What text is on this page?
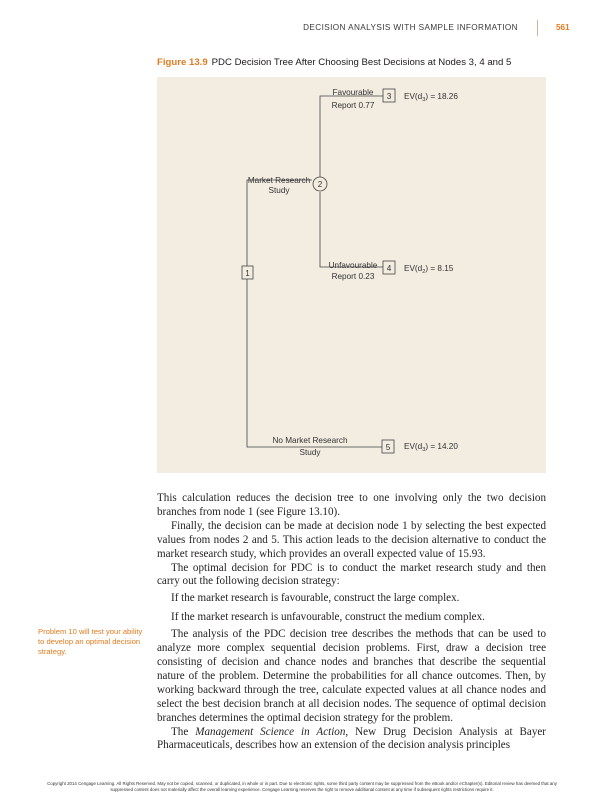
DECISION ANALYSIS WITH SAMPLE INFORMATION	561
Figure 13.9 PDC Decision Tree After Choosing Best Decisions at Nodes 3, 4 and 5
1
2
3
4
5
Market Research
Study
Favourable
Report 0.77
Unfavourable
Report 0.23
No Market Research
Study
$EV(d_3) = 18.26$
$EV(d_2) = 8.15$
$EV(d_3) = 14.20$

This calculation reduces the decision tree to one involving only the two decision branches from node 1 (see Figure 13.10).

Finally, the decision can be made at decision node 1 by selecting the best expected values from nodes 2 and 5. This action leads to the decision alternative to conduct the market research study, which provides an overall expected value of 15.93.

The optimal decision for PDC is to conduct the market research study and then carry out the following decision strategy:

If the market research is favourable, construct the large complex.

If the market research is unfavourable, construct the medium complex.

The analysis of the PDC decision tree describes the methods that can be used to analyze more complex sequential decision problems. First, draw a decision tree consisting of decision and chance nodes and branches that describe the sequential nature of the problem. Determine the probabilities for all chance outcomes. Then, by working backward through the tree, calculate expected values at all chance nodes and select the best decision branch at all decision nodes. The sequence of optimal decision branches determines the optimal decision strategy for the problem.

The Management Science in Action, New Drug Decision Analysis at Bayer Pharmaceuticals, describes how an extension of the decision analysis principles

Problem 10 will test your ability to develop an optimal decision strategy.
Copyright 2014 Cengage Learning. All Rights Reserved. May not be copied, scanned, or duplicated, in whole or in part. Due to electronic rights, some third party content may be suppressed from the eBook and/or eChapter(s). Editorial review has deemed that any suppressed content does not materially affect the overall learning experience. Cengage Learning reserves the right to remove additional content at any time if subsequent rights restrictions require it.
